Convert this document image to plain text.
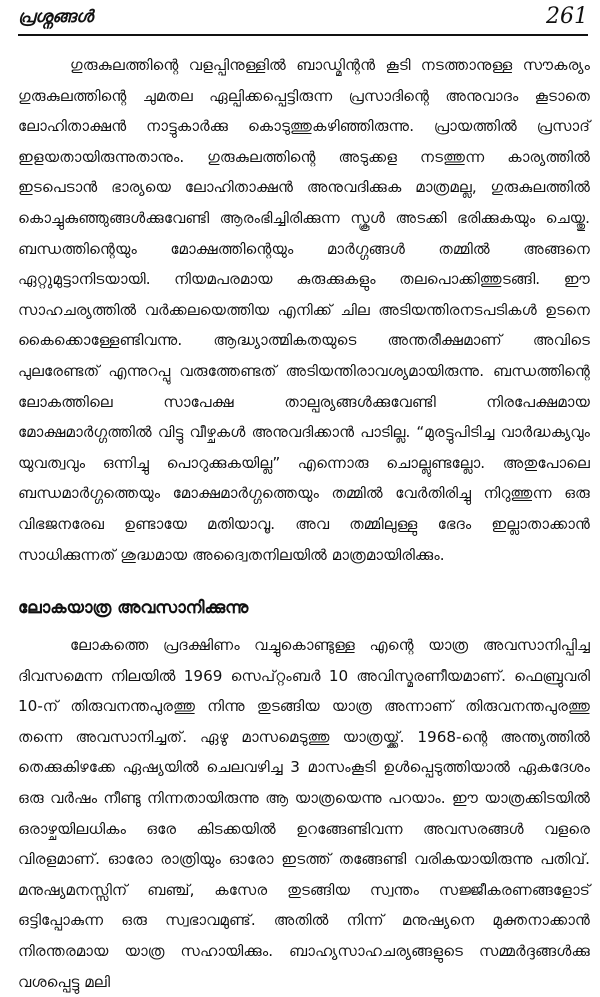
പ്രശ്നങ്ങൾ	261

ഗുരുകുലത്തിന്റെ വളപ്പിനുള്ളിൽ ബാഡ്മിന്റൻ കൂടി നടത്താനുള്ള സൗകര്യം ഗുരുകുലത്തിന്റെ ചുമതല ഏല്പിക്കപ്പെട്ടിരുന്ന പ്രസാദിന്റെ അനുവാദം കൂടാതെ ലോഹിതാക്ഷൻ നാട്ടുകാർക്കു കൊടുത്തുകഴിഞ്ഞിരുന്നു. പ്രായത്തിൽ പ്രസാദ് ഇളയതായിരുന്നുതാനും. ഗുരുകുലത്തിന്റെ അടുക്കള നടത്തുന്ന കാര്യത്തിൽ ഇടപെടാൻ ഭാര്യയെ ലോഹിതാക്ഷൻ അനുവദിക്കുക മാത്രമല്ല, ഗുരുകുലത്തിൽ കൊച്ചുകുഞ്ഞുങ്ങൾക്കുവേണ്ടി ആരംഭിച്ചിരിക്കുന്ന സ്കൂൾ അടക്കി ഭരിക്കുകയും ചെയ്തു. ബന്ധത്തിന്റെയും മോക്ഷത്തിന്റെയും മാർഗ്ഗങ്ങൾ തമ്മിൽ അങ്ങനെ ഏറ്റുമുട്ടാനിടയായി. നിയമപരമായ കുരുക്കുകളും തലപൊക്കിത്തുടങ്ങി. ഈ സാഹചര്യത്തിൽ വർക്കലയെത്തിയ എനിക്ക് ചില അടിയന്തിരനടപടികൾ ഉടനെ കൈക്കൊള്ളേണ്ടിവന്നു. ആദ്ധ്യാത്മികതയുടെ അന്തരീക്ഷമാണ് അവിടെ പുലരേണ്ടത് എന്നുറപ്പു വരുത്തേണ്ടത് അടിയന്തിരാവശ്യമായിരുന്നു. ബന്ധത്തിന്റെ ലോകത്തിലെ സാപേക്ഷ താല്പര്യങ്ങൾക്കുവേണ്ടി നിരപേക്ഷമായ മോക്ഷമാർഗ്ഗത്തിൽ വിട്ടു വീഴ്ചകൾ അനുവദിക്കാൻ പാടില്ല. “മുരട്ടുപിടിച്ച വാർദ്ധക്യവും യുവത്വവും ഒന്നിച്ചു പൊറുക്കുകയില്ല” എന്നൊരു ചൊല്ലുണ്ടല്ലോ. അതുപോലെ ബന്ധമാർഗ്ഗത്തെയും മോക്ഷമാർഗ്ഗത്തെയും തമ്മിൽ വേർതിരിച്ചു നിറുത്തുന്ന ഒരു വിഭജനരേഖ ഉണ്ടായേ മതിയാവൂ. അവ തമ്മിലുള്ളു ഭേദം ഇല്ലാതാക്കാൻ സാധിക്കുന്നത് ശുദ്ധമായ അദ്വൈതനിലയിൽ മാത്രമായിരിക്കും.

ലോകയാത്ര അവസാനിക്കുന്നു

ലോകത്തെ പ്രദക്ഷിണം വച്ചുകൊണ്ടുള്ള എന്റെ യാത്ര അവസാനിപ്പിച്ച ദിവസമെന്ന നിലയിൽ 1969 സെപ്റ്റംബർ 10 അവിസ്മരണീയമാണ്. ഫെബ്രുവരി 10-ന് തിരുവനന്തപുരത്തു നിന്നു തുടങ്ങിയ യാത്ര അന്നാണ് തിരുവനന്തപുരത്തു തന്നെ അവസാനിച്ചത്. ഏഴു മാസമെടുത്തു യാത്രയ്ക്ക്. 1968-ന്റെ അന്ത്യത്തിൽ തെക്കുകിഴക്കേ ഏഷ്യയിൽ ചെലവഴിച്ച 3 മാസംകൂടി ഉൾപ്പെടുത്തിയാൽ ഏകദേശം ഒരു വർഷം നീണ്ടു നിന്നതായിരുന്നു ആ യാത്രയെന്നു പറയാം. ഈ യാത്രക്കിടയിൽ ഒരാഴ്ചയിലധികം ഒരേ കിടക്കയിൽ ഉറങ്ങേണ്ടിവന്ന അവസരങ്ങൾ വളരെ വിരളമാണ്. ഓരോ രാത്രിയും ഓരോ ഇടത്ത് തങ്ങേണ്ടി വരികയായിരുന്നു പതിവ്. മനുഷ്യമനസ്സിന് ബഞ്ച്, കസേര തുടങ്ങിയ സ്വന്തം സജ്ജീകരണങ്ങളോട് ഒട്ടിപ്പോകുന്ന ഒരു സ്വഭാവമുണ്ട്. അതിൽ നിന്ന് മനുഷ്യനെ മുക്തനാക്കാൻ നിരന്തരമായ യാത്ര സഹായിക്കും. ബാഹ്യസാഹചര്യങ്ങളുടെ സമ്മർദ്ദങ്ങൾക്കു വശപ്പെട്ടു മലി
